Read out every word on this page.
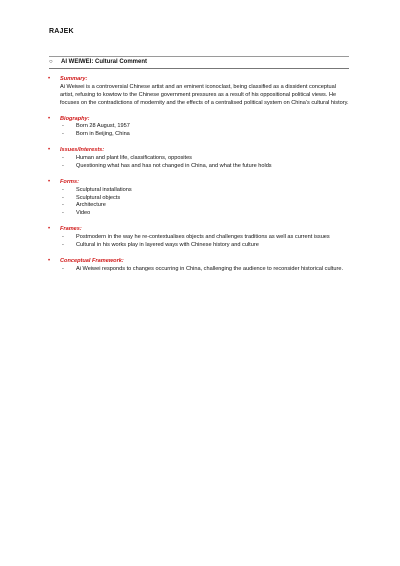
RAJEK
○ AI WEIWEI: Cultural Comment
• Summary:
Ai Weiwei is a controversial Chinese artist and an eminent iconoclast, being classified as a dissident conceptual artist, refusing to kowtow to the Chinese government pressures as a result of his oppositional political views. He focuses on the contradictions of modernity and the effects of a centralised political system on China’s cultural history.
• Biography:
- Born 28 August, 1957
- Born in Beijing, China
• Issues/Interests:
- Human and plant life, classifications, opposites
- Questioning what has and has not changed in China, and what the future holds
• Forms:
- Sculptural installations
- Sculptural objects
- Architecture
- Video
• Frames:
- Postmodern in the way he re-contextualises objects and challenges traditions as well as current issues
- Cultural in his works play in layered ways with Chinese history and culture
• Conceptual Framework:
- Ai Weiwei responds to changes occurring in China, challenging the audience to reconsider historical culture.
